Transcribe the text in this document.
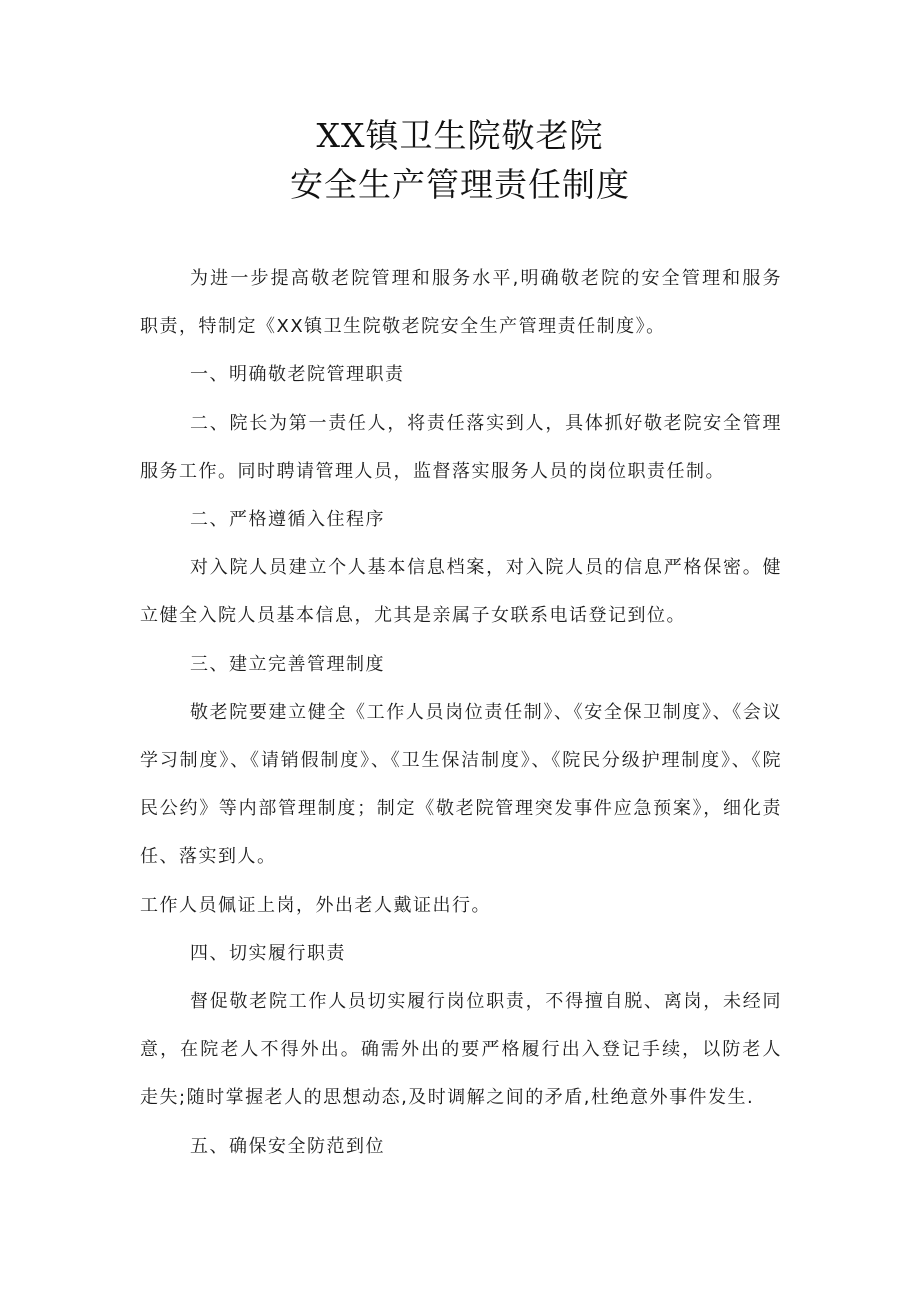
XX镇卫生院敬老院
安全生产管理责任制度

为进一步提高敬老院管理和服务水平,明确敬老院的安全管理和服务职责，特制定《XX镇卫生院敬老院安全生产管理责任制度》。

一、明确敬老院管理职责

二、院长为第一责任人，将责任落实到人，具体抓好敬老院安全管理服务工作。同时聘请管理人员，监督落实服务人员的岗位职责任制。

二、严格遵循入住程序

对入院人员建立个人基本信息档案，对入院人员的信息严格保密。健立健全入院人员基本信息，尤其是亲属子女联系电话登记到位。

三、建立完善管理制度

敬老院要建立健全《工作人员岗位责任制》、《安全保卫制度》、《会议学习制度》、《请销假制度》、《卫生保洁制度》、《院民分级护理制度》、《院民公约》等内部管理制度；制定《敬老院管理突发事件应急预案》，细化责任、落实到人。

工作人员佩证上岗，外出老人戴证出行。

四、切实履行职责

督促敬老院工作人员切实履行岗位职责，不得擅自脱、离岗，未经同意，在院老人不得外出。确需外出的要严格履行出入登记手续，以防老人走失;随时掌握老人的思想动态,及时调解之间的矛盾,杜绝意外事件发生.

五、确保安全防范到位
